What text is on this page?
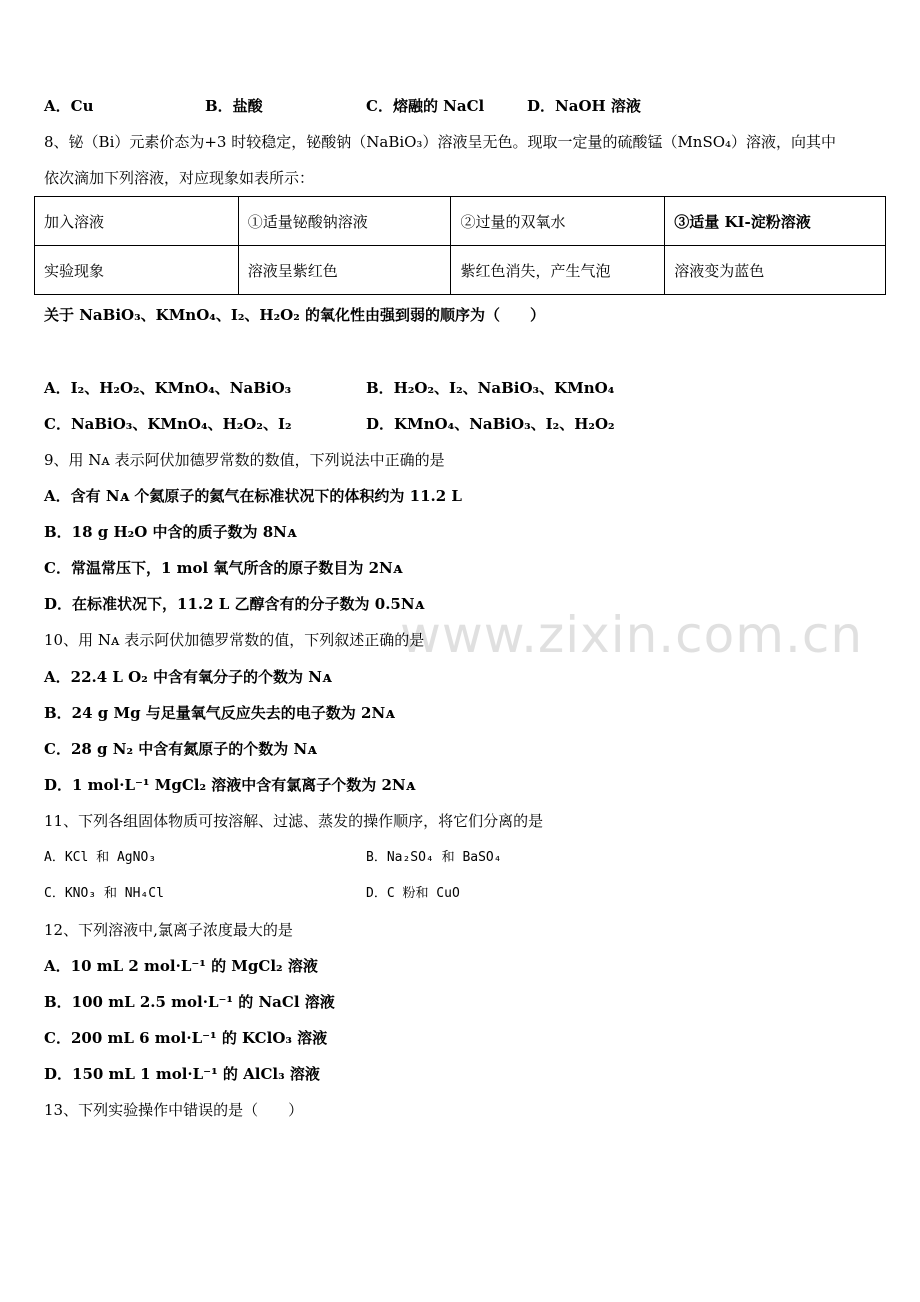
A．Cu	B．盐酸	C．熔融的 NaCl	D．NaOH 溶液
8、铋（Bi）元素价态为+3 时较稳定，铋酸钠（NaBiO₃）溶液呈无色。现取一定量的硫酸锰（MnSO₄）溶液，向其中
依次滴加下列溶液，对应现象如表所示：
加入溶液	①适量铋酸钠溶液	②过量的双氧水	③适量 KI-淀粉溶液
实验现象	溶液呈紫红色	紫红色消失，产生气泡	溶液变为蓝色
关于 NaBiO₃、KMnO₄、I₂、H₂O₂ 的氧化性由强到弱的顺序为（　　）
A．I₂、H₂O₂、KMnO₄、NaBiO₃	B．H₂O₂、I₂、NaBiO₃、KMnO₄
C．NaBiO₃、KMnO₄、H₂O₂、I₂	D．KMnO₄、NaBiO₃、I₂、H₂O₂
9、用 Nᴀ 表示阿伏加德罗常数的数值，下列说法中正确的是
A．含有 Nᴀ 个氦原子的氦气在标准状况下的体积约为 11.2 L
B．18 g H₂O 中含的质子数为 8Nᴀ
C．常温常压下，1 mol 氧气所含的原子数目为 2Nᴀ
D．在标准状况下，11.2 L 乙醇含有的分子数为 0.5Nᴀ
www.zixin.com.cn
10、用 Nᴀ 表示阿伏加德罗常数的值，下列叙述正确的是
A．22.4 L O₂ 中含有氧分子的个数为 Nᴀ
B．24 g Mg 与足量氧气反应失去的电子数为 2Nᴀ
C．28 g N₂ 中含有氮原子的个数为 Nᴀ
D．1 mol·L⁻¹ MgCl₂ 溶液中含有氯离子个数为 2Nᴀ
11、下列各组固体物质可按溶解、过滤、蒸发的操作顺序，将它们分离的是
A．KCl 和 AgNO₃	B．Na₂SO₄ 和 BaSO₄
C．KNO₃ 和 NH₄Cl	D．C 粉和 CuO
12、下列溶液中,氯离子浓度最大的是
A．10 mL 2 mol·L⁻¹ 的 MgCl₂ 溶液
B．100 mL 2.5 mol·L⁻¹ 的 NaCl 溶液
C．200 mL 6 mol·L⁻¹ 的 KClO₃ 溶液
D．150 mL 1 mol·L⁻¹ 的 AlCl₃ 溶液
13、下列实验操作中错误的是（　　）
